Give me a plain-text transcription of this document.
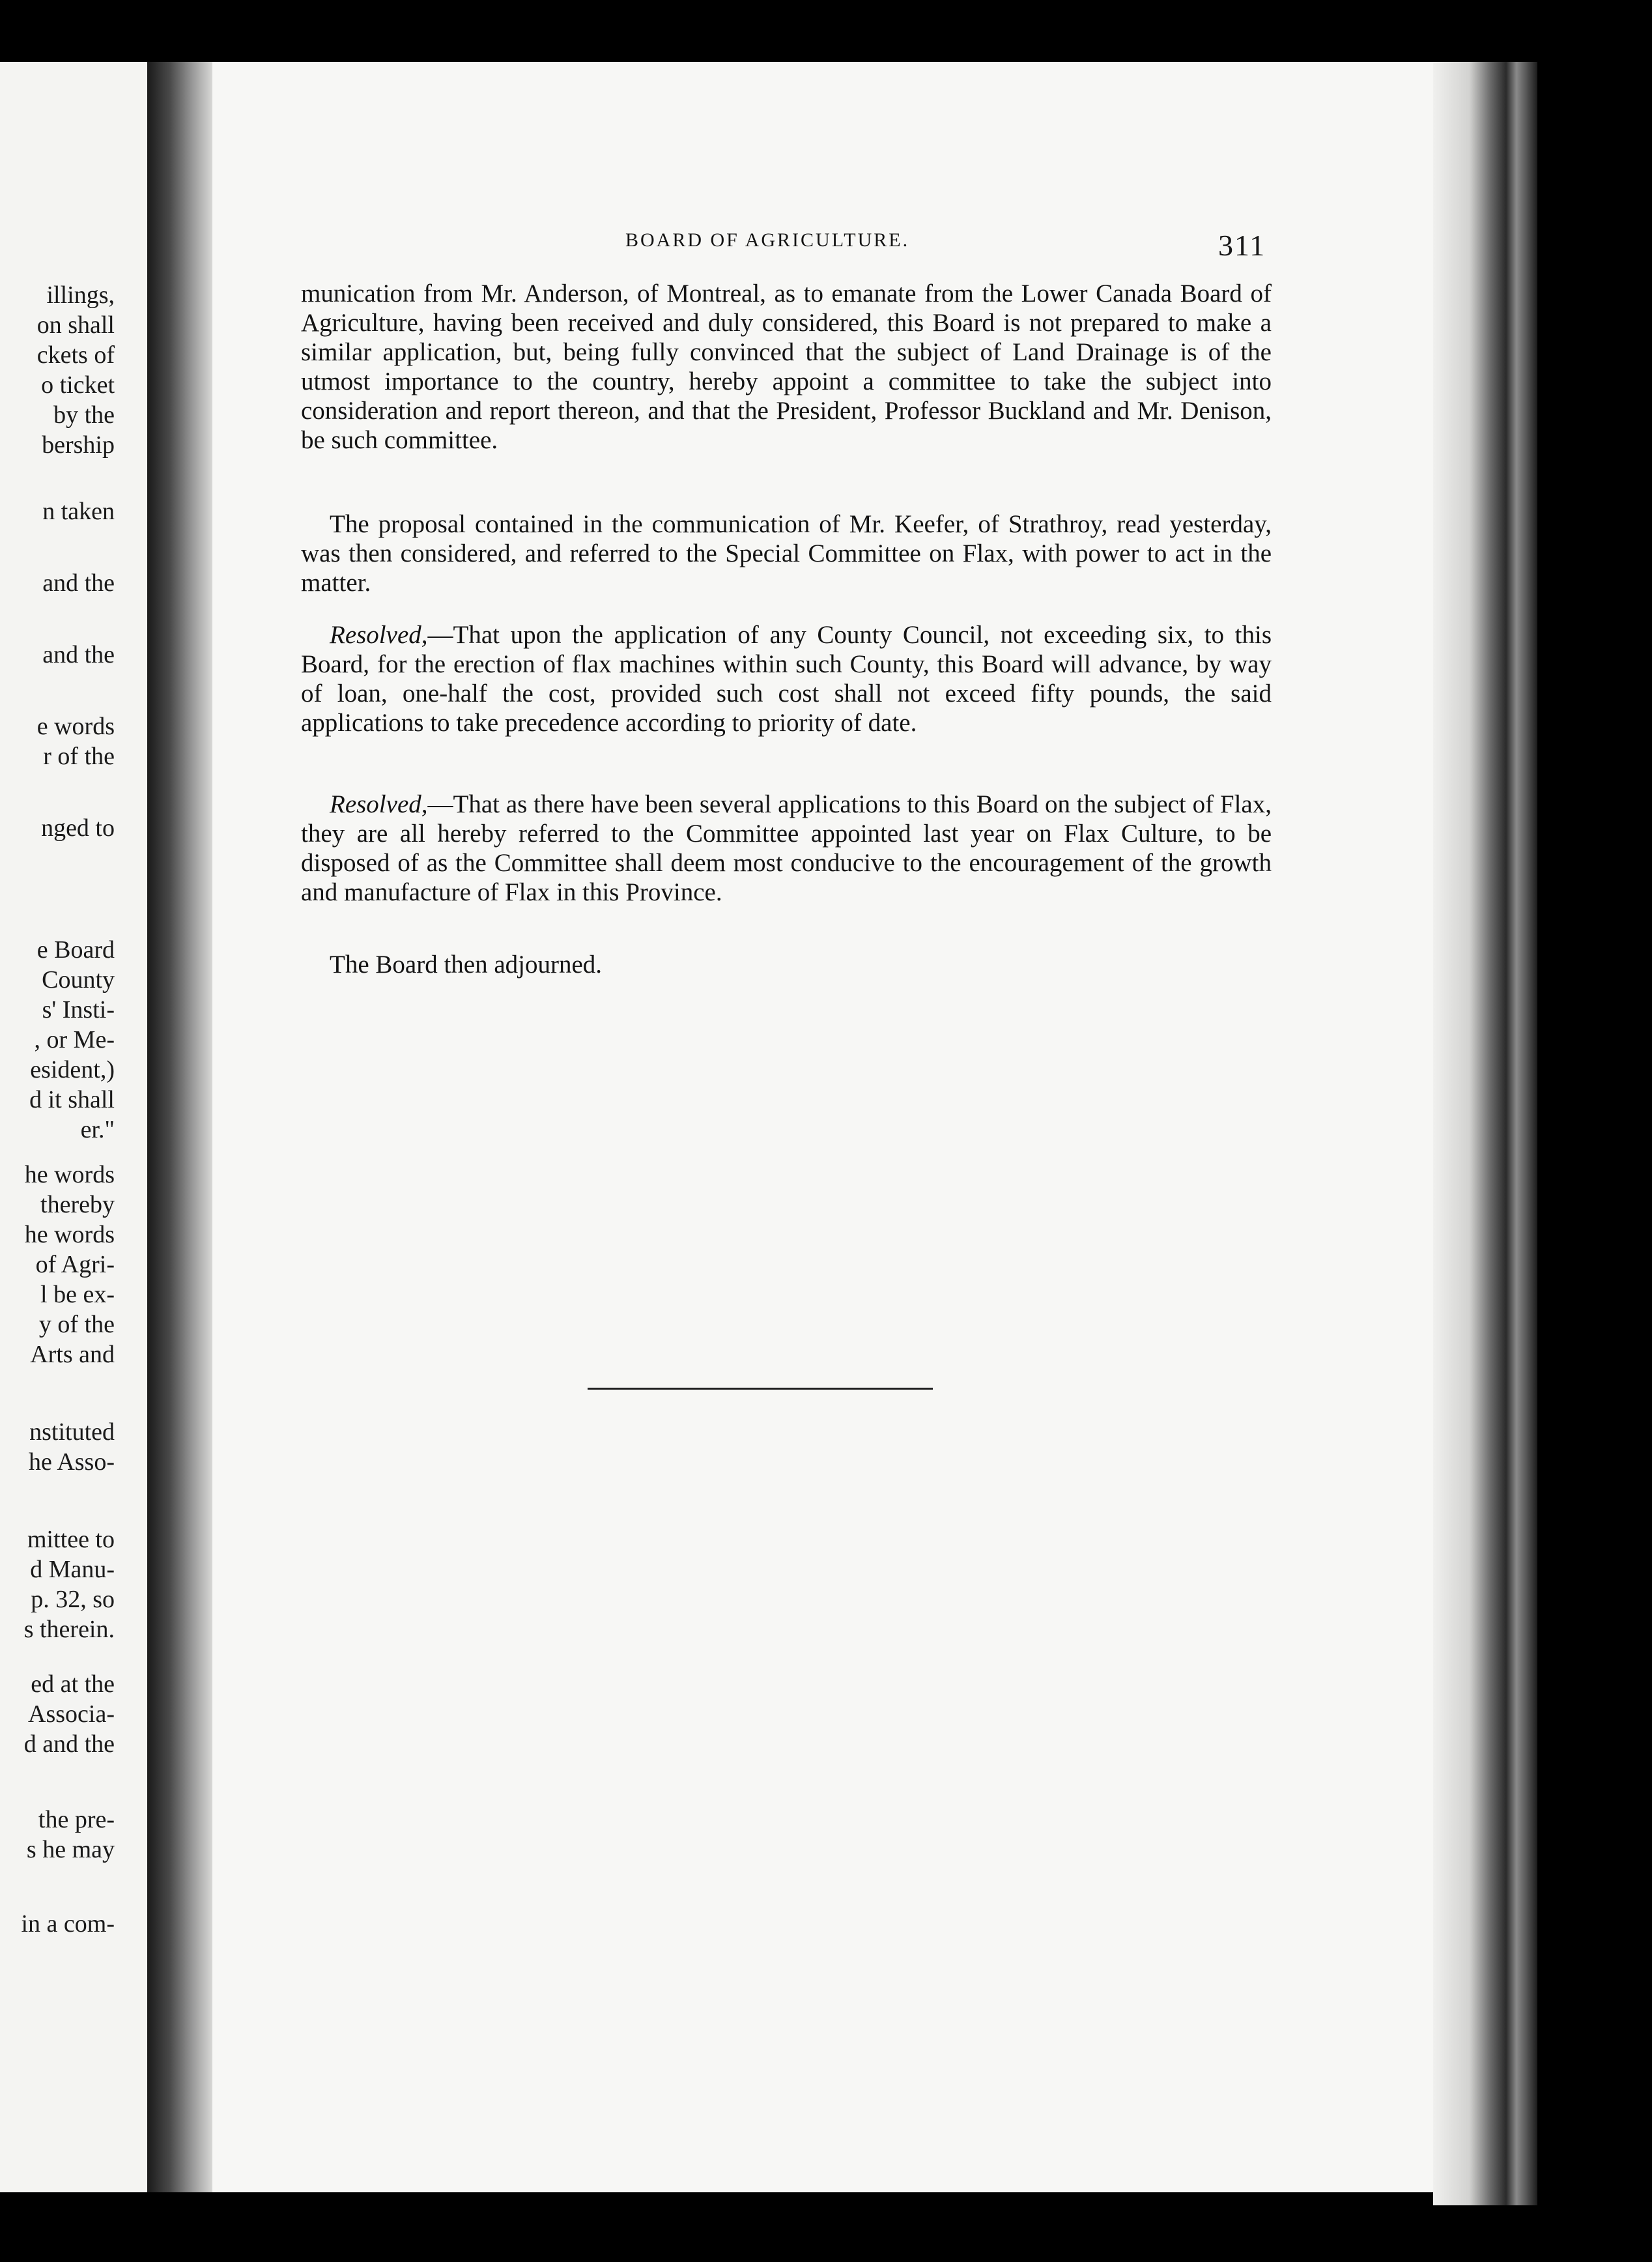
illings,
on shall
ckets of
o ticket
by the
bership
n taken
and the
and the
e words
r of the
nged to
e Board
County
s' Insti-
, or Me-
esident,)
d it shall
er."
he words
thereby
he words
of Agri-
l be ex-
y of the
Arts and
nstituted
he Asso-
mittee to
d Manu-
p. 32, so
s therein.
ed at the
Associa-
d and the
the pre-
s he may
in a com-
BOARD OF AGRICULTURE.	311
munication from Mr. Anderson, of Montreal, as to emanate from the Lower Canada Board of Agriculture, having been received and duly considered, this Board is not prepared to make a similar application, but, being fully convinced that the subject of Land Drainage is of the utmost importance to the country, hereby appoint a committee to take the subject into consideration and report thereon, and that the President, Professor Buckland and Mr. Denison, be such committee.
The proposal contained in the communication of Mr. Keefer, of Strathroy, read yesterday, was then considered, and referred to the Special Committee on Flax, with power to act in the matter.
Resolved,—That upon the application of any County Council, not exceeding six, to this Board, for the erection of flax machines within such County, this Board will advance, by way of loan, one-half the cost, provided such cost shall not exceed fifty pounds, the said applications to take precedence according to priority of date.
Resolved,—That as there have been several applications to this Board on the subject of Flax, they are all hereby referred to the Committee appointed last year on Flax Culture, to be disposed of as the Committee shall deem most conducive to the encouragement of the growth and manufacture of Flax in this Province.
The Board then adjourned.
